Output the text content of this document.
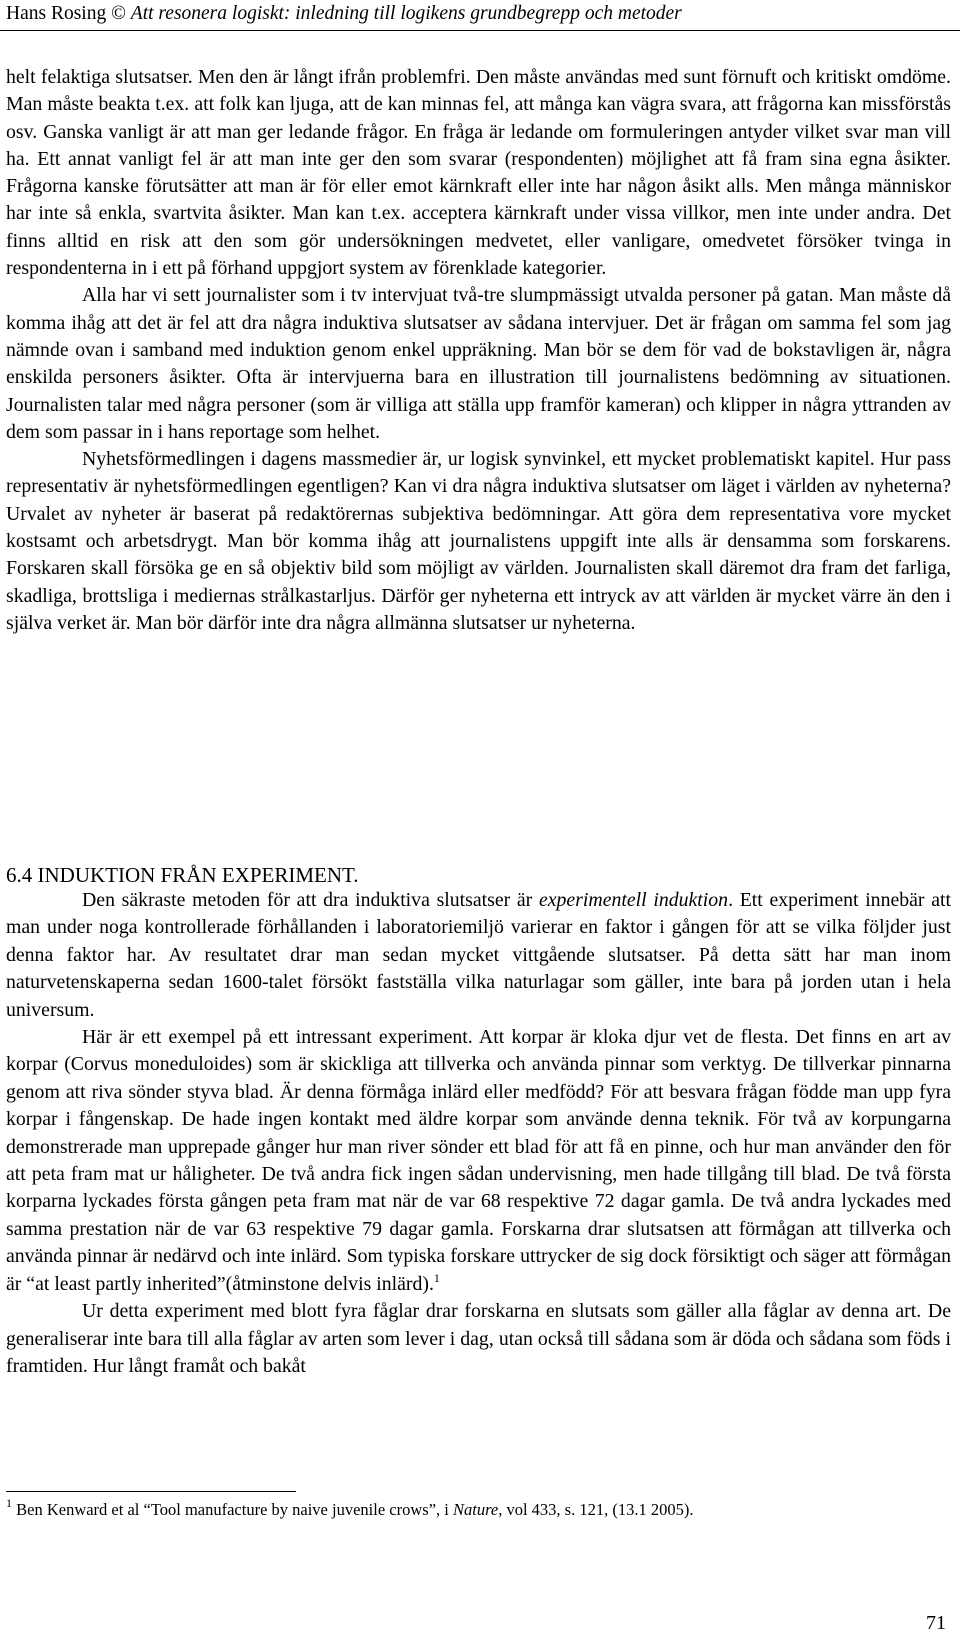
Hans Rosing © Att resonera logiskt: inledning till logikens grundbegrepp och metoder

helt felaktiga slutsatser. Men den är långt ifrån problemfri. Den måste användas med sunt förnuft och kritiskt omdöme. Man måste beakta t.ex. att folk kan ljuga, att de kan minnas fel, att många kan vägra svara, att frågorna kan missförstås osv. Ganska vanligt är att man ger ledande frågor. En fråga är ledande om formuleringen antyder vilket svar man vill ha. Ett annat vanligt fel är att man inte ger den som svarar (respondenten) möjlighet att få fram sina egna åsikter. Frågorna kanske förutsätter att man är för eller emot kärnkraft eller inte har någon åsikt alls. Men många människor har inte så enkla, svartvita åsikter. Man kan t.ex. acceptera kärnkraft under vissa villkor, men inte under andra. Det finns alltid en risk att den som gör undersökningen medvetet, eller vanligare, omedvetet försöker tvinga in respondenterna in i ett på förhand uppgjort system av förenklade kategorier.

Alla har vi sett journalister som i tv intervjuat två-tre slumpmässigt utvalda personer på gatan. Man måste då komma ihåg att det är fel att dra några induktiva slutsatser av sådana intervjuer. Det är frågan om samma fel som jag nämnde ovan i samband med induktion genom enkel uppräkning. Man bör se dem för vad de bokstavligen är, några enskilda personers åsikter. Ofta är intervjuerna bara en illustration till journalistens bedömning av situationen. Journalisten talar med några personer (som är villiga att ställa upp framför kameran) och klipper in några yttranden av dem som passar in i hans reportage som helhet.

Nyhetsförmedlingen i dagens massmedier är, ur logisk synvinkel, ett mycket problematiskt kapitel. Hur pass representativ är nyhetsförmedlingen egentligen? Kan vi dra några induktiva slutsatser om läget i världen av nyheterna? Urvalet av nyheter är baserat på redaktörernas subjektiva bedömningar. Att göra dem representativa vore mycket kostsamt och arbetsdrygt. Man bör komma ihåg att journalistens uppgift inte alls är densamma som forskarens. Forskaren skall försöka ge en så objektiv bild som möjligt av världen. Journalisten skall däremot dra fram det farliga, skadliga, brottsliga i mediernas strålkastarljus. Därför ger nyheterna ett intryck av att världen är mycket värre än den i själva verket är. Man bör därför inte dra några allmänna slutsatser ur nyheterna.

6.4 INDUKTION FRÅN EXPERIMENT.

Den säkraste metoden för att dra induktiva slutsatser är experimentell induktion. Ett experiment innebär att man under noga kontrollerade förhållanden i laboratoriemiljö varierar en faktor i gången för att se vilka följder just denna faktor har. Av resultatet drar man sedan mycket vittgående slutsatser. På detta sätt har man inom naturvetenskaperna sedan 1600-talet försökt fastställa vilka naturlagar som gäller, inte bara på jorden utan i hela universum.

Här är ett exempel på ett intressant experiment. Att korpar är kloka djur vet de flesta. Det finns en art av korpar (Corvus moneduloides) som är skickliga att tillverka och använda pinnar som verktyg. De tillverkar pinnarna genom att riva sönder styva blad. Är denna förmåga inlärd eller medfödd? För att besvara frågan födde man upp fyra korpar i fångenskap. De hade ingen kontakt med äldre korpar som använde denna teknik. För två av korpungarna demonstrerade man upprepade gånger hur man river sönder ett blad för att få en pinne, och hur man använder den för att peta fram mat ur håligheter. De två andra fick ingen sådan undervisning, men hade tillgång till blad. De två första korparna lyckades första gången peta fram mat när de var 68 respektive 72 dagar gamla. De två andra lyckades med samma prestation när de var 63 respektive 79 dagar gamla. Forskarna drar slutsatsen att förmågan att tillverka och använda pinnar är nedärvd och inte inlärd. Som typiska forskare uttrycker de sig dock försiktigt och säger att förmågan är “at least partly inherited”(åtminstone delvis inlärd).$^1$

Ur detta experiment med blott fyra fåglar drar forskarna en slutsats som gäller alla fåglar av denna art. De generaliserar inte bara till alla fåglar av arten som lever i dag, utan också till sådana som är döda och sådana som föds i framtiden. Hur långt framåt och bakåt

$^1$ Ben Kenward et al “Tool manufacture by naive juvenile crows”, i Nature, vol 433, s. 121, (13.1 2005).
71
